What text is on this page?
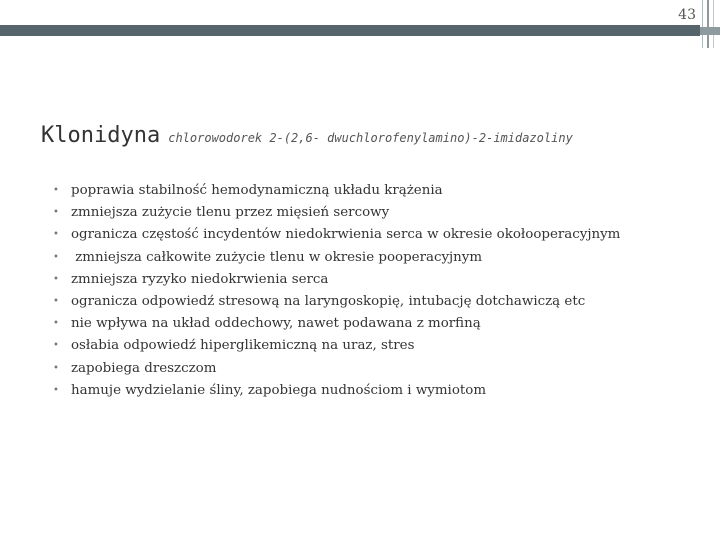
43
Klonidyna chlorowodorek 2-(2,6- dwuchlorofenylamino)-2-imidazoliny
• poprawia stabilność hemodynamiczną układu krążenia
• zmniejsza zużycie tlenu przez mięsień sercowy
• ogranicza częstość incydentów niedokrwienia serca w okresie okołooperacyjnym
• zmniejsza całkowite zużycie tlenu w okresie pooperacyjnym
• zmniejsza ryzyko niedokrwienia serca
• ogranicza odpowiedź stresową na laryngoskopię, intubację dotchawiczą etc
• nie wpływa na układ oddechowy, nawet podawana z morfiną
• osłabia odpowiedź hiperglikemiczną na uraz, stres
• zapobiega dreszczom
• hamuje wydzielanie śliny, zapobiega nudnościom i wymiotom
